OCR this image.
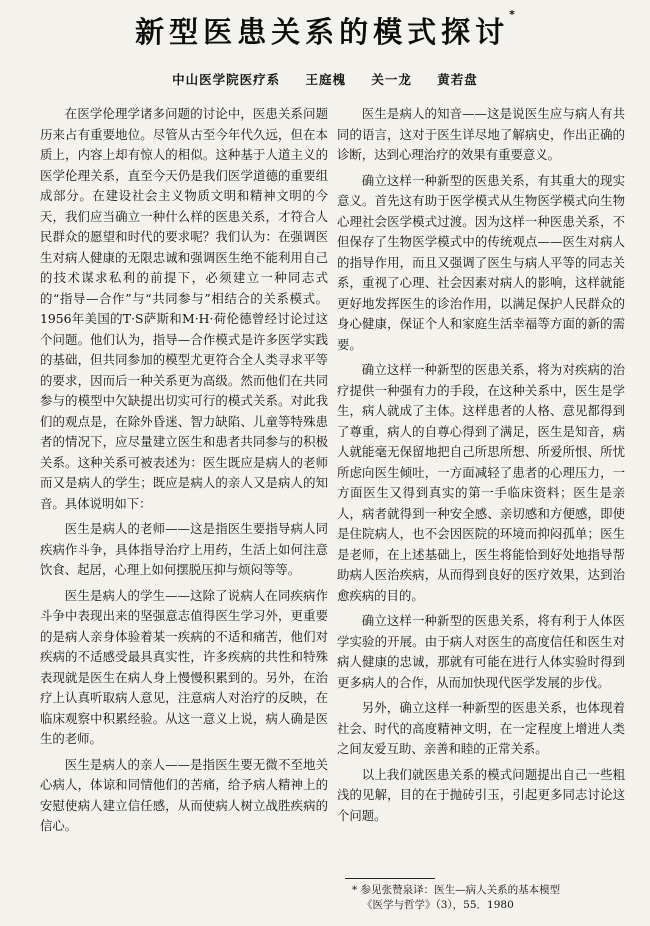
新型医患关系的模式探讨*
中山医学院医疗系 王庭槐 关一龙 黄若盘

在医学伦理学诸多问题的讨论中，医患关系问题历来占有重要地位。尽管从古至今年代久远，但在本质上，内容上却有惊人的相似。这种基于人道主义的医学伦理关系，直至今天仍是我们医学道德的重要组成部分。在建设社会主义物质文明和精神文明的今天，我们应当确立一种什么样的医患关系，才符合人民群众的愿望和时代的要求呢？我们认为：在强调医生对病人健康的无限忠诚和强调医生绝不能利用自己的技术谋求私利的前提下，必须建立一种同志式的“指导—合作”与“共同参与”相结合的关系模式。1956年美国的T·S萨斯和M·H·荷伦德曾经讨论过这个问题。他们认为，指导—合作模式是许多医学实践的基础，但共同参加的模型尤更符合全人类寻求平等的要求，因而后一种关系更为高级。然而他们在共同参与的模型中欠缺提出切实可行的模式关系。对此我们的观点是，在除外昏迷、智力缺陷、儿童等特殊患者的情况下，应尽量建立医生和患者共同参与的积极关系。这种关系可被表述为：医生既应是病人的老师而又是病人的学生；既应是病人的亲人又是病人的知音。具体说明如下：

医生是病人的老师——这是指医生要指导病人同疾病作斗争，具体指导治疗上用药，生活上如何注意饮食、起居，心理上如何摆脱压抑与烦闷等等。

医生是病人的学生——这除了说病人在同疾病作斗争中表现出来的坚强意志值得医生学习外，更重要的是病人亲身体验着某一疾病的不适和痛苦，他们对疾病的不适感受最具真实性，许多疾病的共性和特殊表现就是医生在病人身上慢慢积累到的。另外，在治疗上认真听取病人意见，注意病人对治疗的反映，在临床观察中积累经验。从这一意义上说，病人确是医生的老师。

医生是病人的亲人——是指医生要无微不至地关心病人，体谅和同情他们的苦痛，给予病人精神上的安慰使病人建立信任感，从而使病人树立战胜疾病的信心。

医生是病人的知音——这是说医生应与病人有共同的语言，这对于医生详尽地了解病史，作出正确的诊断，达到心理治疗的效果有重要意义。

确立这样一种新型的医患关系，有其重大的现实意义。首先这有助于医学模式从生物医学模式向生物心理社会医学模式过渡。因为这样一种医患关系，不但保存了生物医学模式中的传统观点——医生对病人的指导作用，而且又强调了医生与病人平等的同志关系，重视了心理、社会因素对病人的影响，这样就能更好地发挥医生的诊治作用，以满足保护人民群众的身心健康，保证个人和家庭生活幸福等方面的新的需要。

确立这样一种新型的医患关系，将为对疾病的治疗提供一种强有力的手段，在这种关系中，医生是学生，病人就成了主体。这样患者的人格、意见都得到了尊重，病人的自尊心得到了满足，医生是知音，病人就能毫无保留地把自己所思所想、所爱所恨、所忧所虑向医生倾吐，一方面减轻了患者的心理压力，一方面医生又得到真实的第一手临床资料；医生是亲人，病者就得到一种安全感、亲切感和方便感，即使是住院病人，也不会因医院的环境而抑闷孤单；医生是老师，在上述基础上，医生将能恰到好处地指导帮助病人医治疾病，从而得到良好的医疗效果，达到治愈疾病的目的。

确立这样一种新型的医患关系，将有利于人体医学实验的开展。由于病人对医生的高度信任和医生对病人健康的忠诚，那就有可能在进行人体实验时得到更多病人的合作，从而加快现代医学发展的步伐。

另外，确立这样一种新型的医患关系，也体现着社会、时代的高度精神文明，在一定程度上增进人类之间友爱互助、亲善和睦的正常关系。

以上我们就医患关系的模式问题提出自己一些粗浅的见解，目的在于抛砖引玉，引起更多同志讨论这个问题。

* 参见张赞泉译：医生—病人关系的基本模型
《医学与哲学》（3），55．1980
